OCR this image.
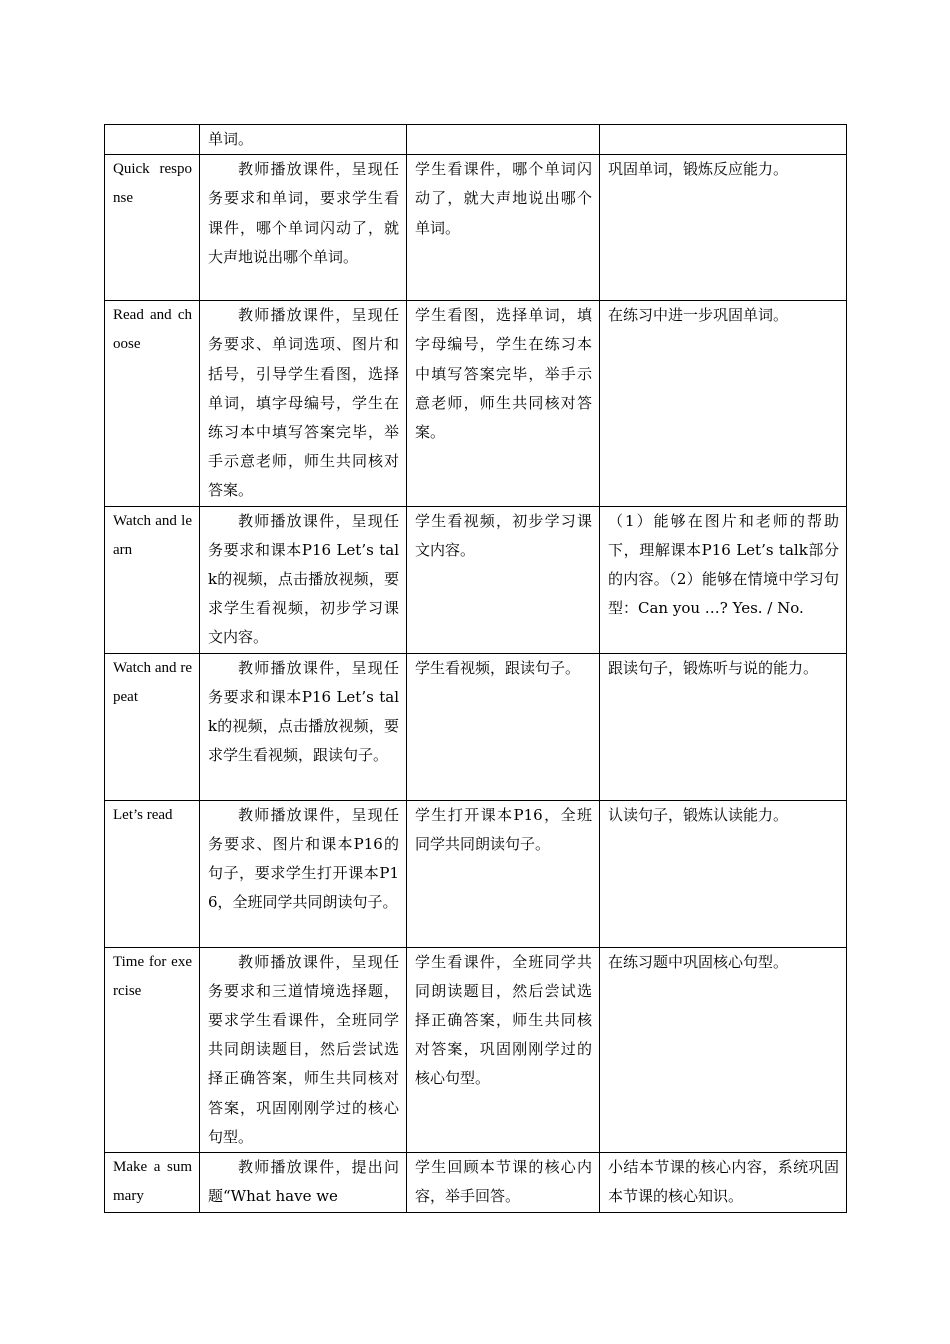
	单词。		
Quick response	教师播放课件，呈现任务要求和单词，要求学生看课件，哪个单词闪动了，就大声地说出哪个单词。	学生看课件，哪个单词闪动了，就大声地说出哪个单词。	巩固单词，锻炼反应能力。
Read and choose	教师播放课件，呈现任务要求、单词选项、图片和括号，引导学生看图，选择单词，填字母编号，学生在练习本中填写答案完毕，举手示意老师，师生共同核对答案。	学生看图，选择单词，填字母编号，学生在练习本中填写答案完毕，举手示意老师，师生共同核对答案。	在练习中进一步巩固单词。
Watch and learn	教师播放课件，呈现任务要求和课本P16 Let’s talk的视频，点击播放视频，要求学生看视频，初步学习课文内容。	学生看视频，初步学习课文内容。	（1）能够在图片和老师的帮助下，理解课本P16 Let’s talk部分的内容。（2）能够在情境中学习句型：Can you …? Yes. / No.
Watch and repeat	教师播放课件，呈现任务要求和课本P16 Let’s talk的视频，点击播放视频，要求学生看视频，跟读句子。	学生看视频，跟读句子。	跟读句子，锻炼听与说的能力。
Let’s read	教师播放课件，呈现任务要求、图片和课本P16的句子，要求学生打开课本P16，全班同学共同朗读句子。	学生打开课本P16，全班同学共同朗读句子。	认读句子，锻炼认读能力。
Time for exercise	教师播放课件，呈现任务要求和三道情境选择题，要求学生看课件，全班同学共同朗读题目，然后尝试选择正确答案，师生共同核对答案，巩固刚刚学过的核心句型。	学生看课件，全班同学共同朗读题目，然后尝试选择正确答案，师生共同核对答案，巩固刚刚学过的核心句型。	在练习题中巩固核心句型。
Make a summary	教师播放课件，提出问题“What have we	学生回顾本节课的核心内容，举手回答。	小结本节课的核心内容，系统巩固本节课的核心知识。
